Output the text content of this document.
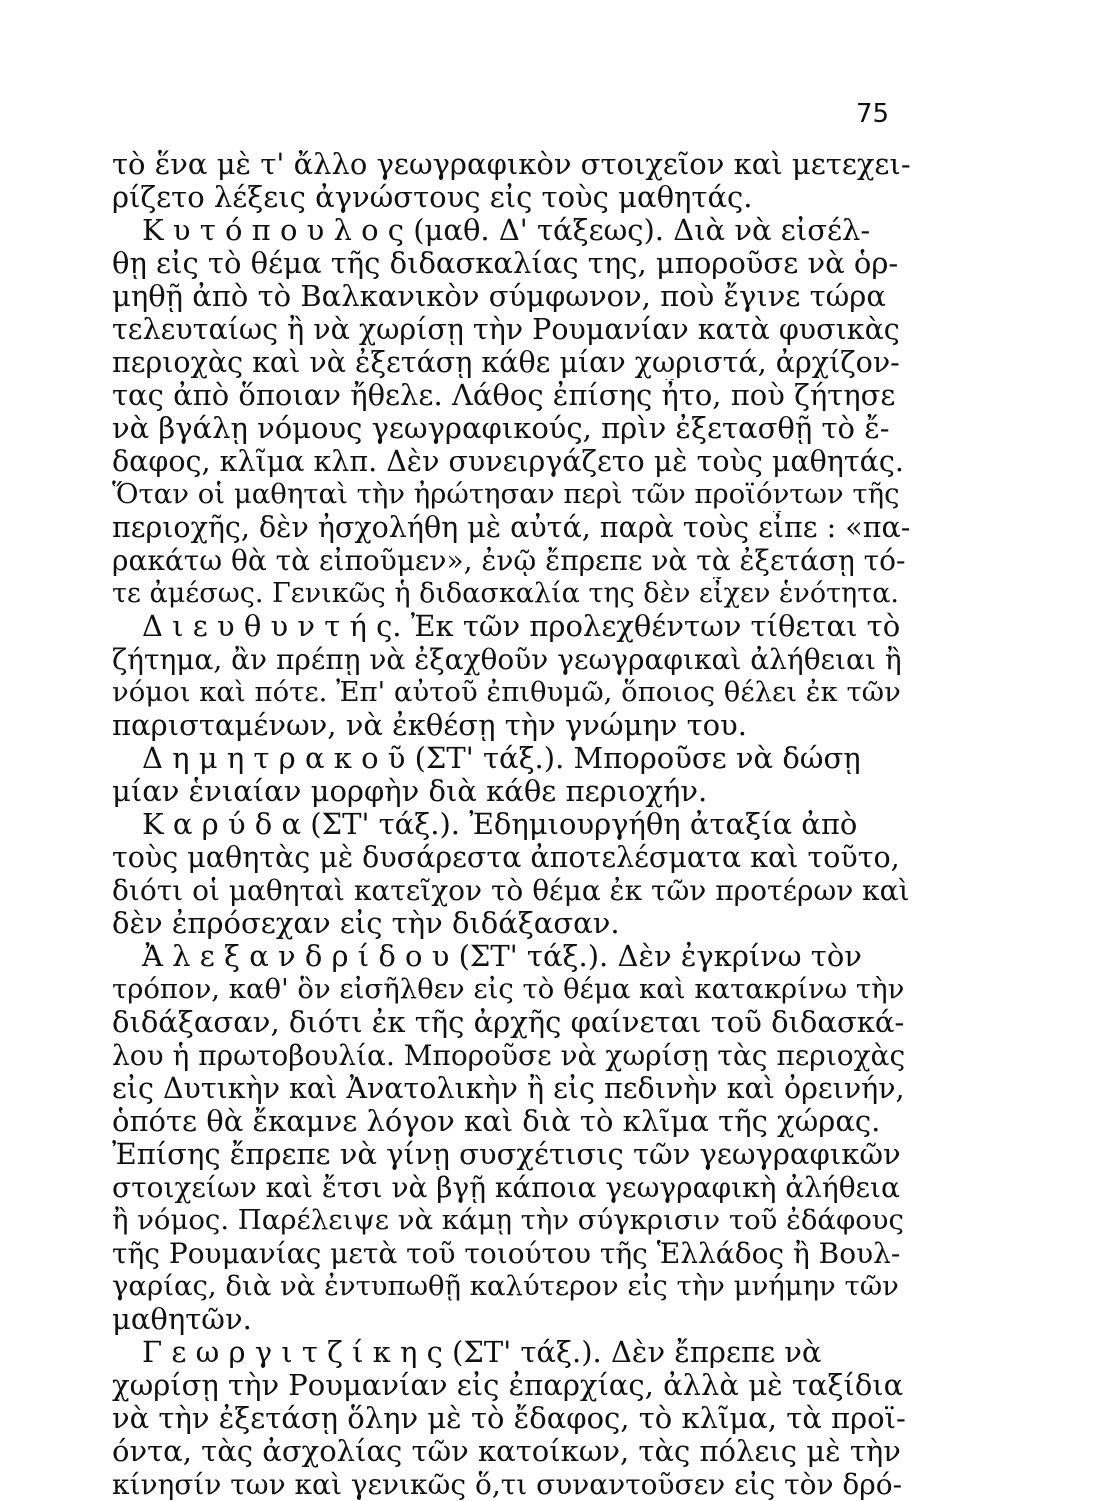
75
τὸ ἕνα μὲ τ' ἄλλο γεωγραφικὸν στοιχεῖον καὶ μετεχει-
ρίζετο λέξεις ἀγνώστους εἰς τοὺς μαθητάς.
Κ υ τ ό π ο υ λ ο ς (μαθ. Δ' τάξεως). Διὰ νὰ εἰσέλ-
θῃ εἰς τὸ θέμα τῆς διδασκαλίας της, μποροῦσε νὰ ὁρ-
μηθῇ ἀπὸ τὸ Βαλκανικὸν σύμφωνον, ποὺ ἔγινε τώρα
τελευταίως ἢ νὰ χωρίσῃ τὴν Ρουμανίαν κατὰ φυσικὰς
περιοχὰς καὶ νὰ ἐξετάσῃ κάθε μίαν χωριστά, ἀρχίζον-
τας ἀπὸ ὅποιαν ἤθελε. Λάθος ἐπίσης ἦτο, ποὺ ζήτησε
νὰ βγάλῃ νόμους γεωγραφικούς, πρὶν ἐξετασθῇ τὸ ἔ-
δαφος, κλῖμα κλπ. Δὲν συνειργάζετο μὲ τοὺς μαθητάς.
Ὅταν οἱ μαθηταὶ τὴν ἠρώτησαν περὶ τῶν προϊόντων τῆς
περιοχῆς, δὲν ἠσχολήθη μὲ αὐτά, παρὰ τοὺς εἶπε : «πα-
ρακάτω θὰ τὰ εἰποῦμεν», ἐνῷ ἔπρεπε νὰ τὰ ἐξετάσῃ τό-
τε ἀμέσως. Γενικῶς ἡ διδασκαλία της δὲν εἶχεν ἑνότητα.
Δ ι ε υ θ υ ν τ ή ς. Ἐκ τῶν προλεχθέντων τίθεται τὸ
ζήτημα, ἂν πρέπῃ νὰ ἐξαχθοῦν γεωγραφικαὶ ἀλήθειαι ἢ
νόμοι καὶ πότε. Ἐπ' αὐτοῦ ἐπιθυμῶ, ὅποιος θέλει ἐκ τῶν
παρισταμένων, νὰ ἐκθέσῃ τὴν γνώμην του.
Δ η μ η τ ρ α κ ο ῦ (ΣΤ' τάξ.). Μποροῦσε νὰ δώσῃ
μίαν ἑνιαίαν μορφὴν διὰ κάθε περιοχήν.
Κ α ρ ύ δ α (ΣΤ' τάξ.). Ἐδημιουργήθη ἀταξία ἀπὸ
τοὺς μαθητὰς μὲ δυσάρεστα ἀποτελέσματα καὶ τοῦτο,
διότι οἱ μαθηταὶ κατεῖχον τὸ θέμα ἐκ τῶν προτέρων καὶ
δὲν ἐπρόσεχαν εἰς τὴν διδάξασαν.
Ἀ λ ε ξ α ν δ ρ ί δ ο υ (ΣΤ' τάξ.). Δὲν ἐγκρίνω τὸν
τρόπον, καθ' ὃν εἰσῆλθεν εἰς τὸ θέμα καὶ κατακρίνω τὴν
διδάξασαν, διότι ἐκ τῆς ἀρχῆς φαίνεται τοῦ διδασκά-
λου ἡ πρωτοβουλία. Μποροῦσε νὰ χωρίσῃ τὰς περιοχὰς
εἰς Δυτικὴν καὶ Ἀνατολικὴν ἢ εἰς πεδινὴν καὶ ὀρεινήν,
ὁπότε θὰ ἔκαμνε λόγον καὶ διὰ τὸ κλῖμα τῆς χώρας.
Ἐπίσης ἔπρεπε νὰ γίνῃ συσχέτισις τῶν γεωγραφικῶν
στοιχείων καὶ ἔτσι νὰ βγῇ κάποια γεωγραφικὴ ἀλήθεια
ἢ νόμος. Παρέλειψε νὰ κάμῃ τὴν σύγκρισιν τοῦ ἐδάφους
τῆς Ρουμανίας μετὰ τοῦ τοιούτου τῆς Ἑλλάδος ἢ Βουλ-
γαρίας, διὰ νὰ ἐντυπωθῇ καλύτερον εἰς τὴν μνήμην τῶν
μαθητῶν.
Γ ε ω ρ γ ι τ ζ ί κ η ς (ΣΤ' τάξ.). Δὲν ἔπρεπε νὰ
χωρίσῃ τὴν Ρουμανίαν εἰς ἐπαρχίας, ἀλλὰ μὲ ταξίδια
νὰ τὴν ἐξετάσῃ ὅλην μὲ τὸ ἔδαφος, τὸ κλῖμα, τὰ προϊ-
όντα, τὰς ἀσχολίας τῶν κατοίκων, τὰς πόλεις μὲ τὴν
κίνησίν των καὶ γενικῶς ὅ,τι συναντοῦσεν εἰς τὸν δρό-
